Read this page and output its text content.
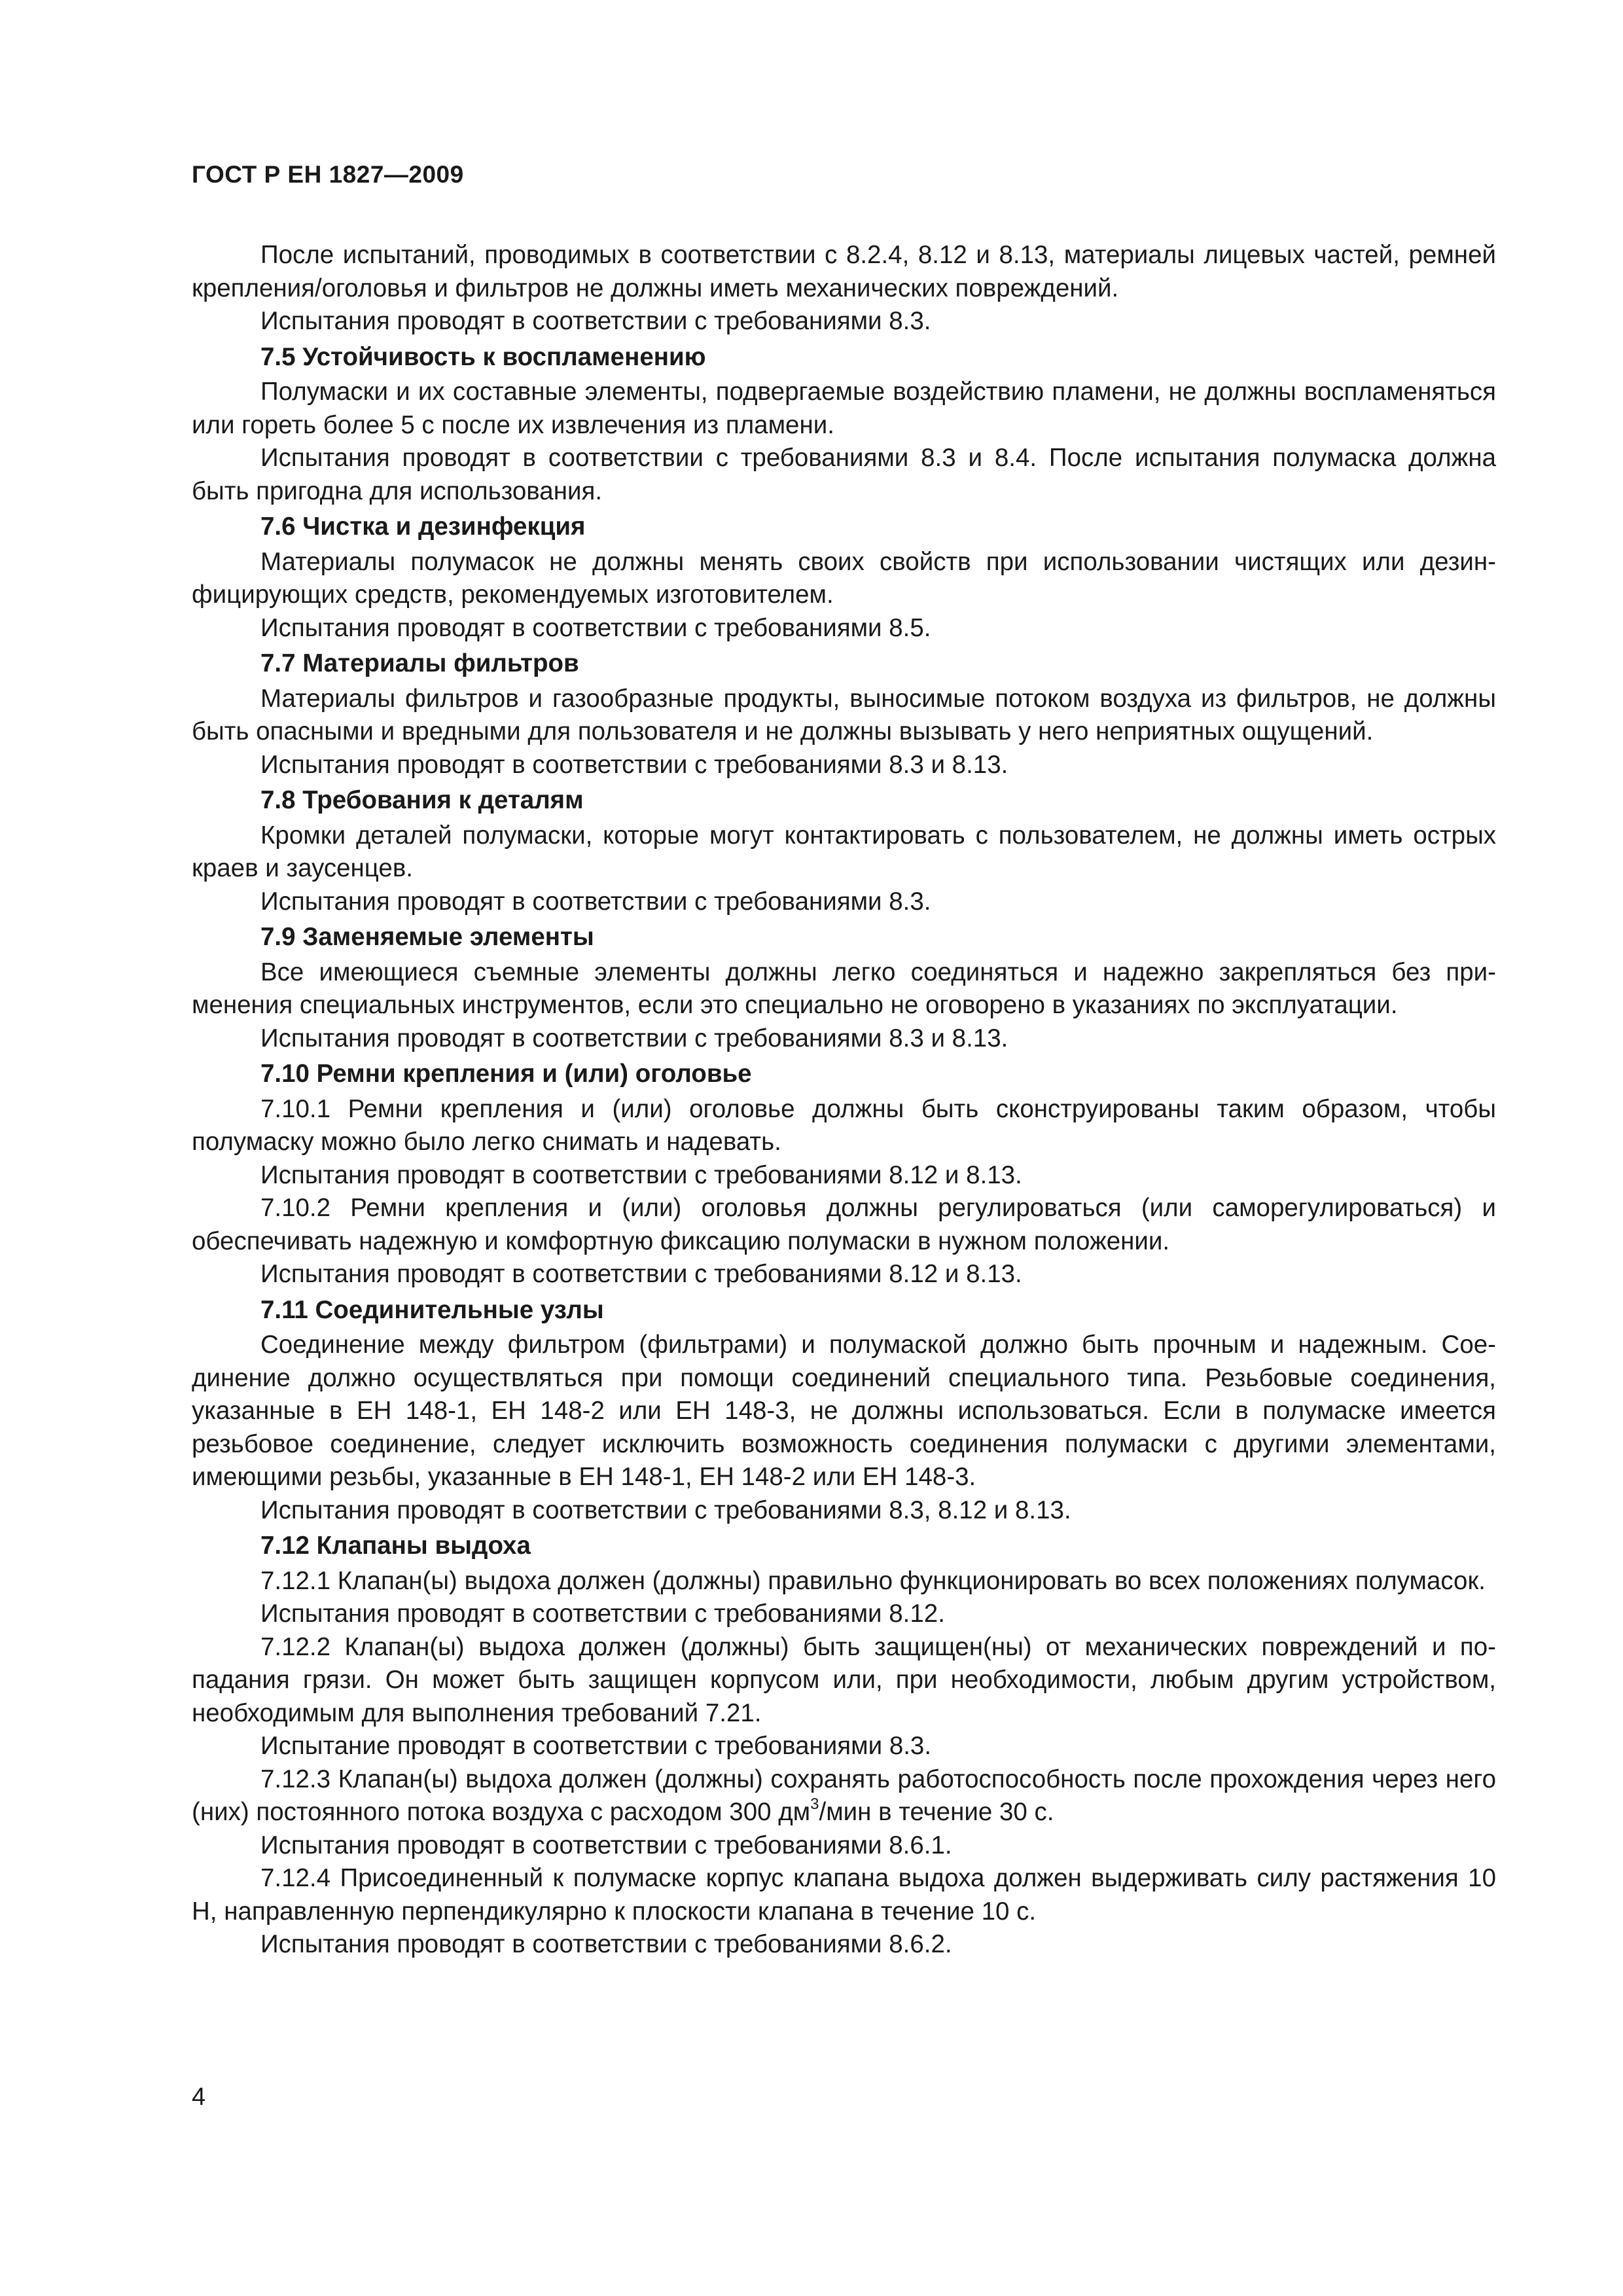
ГОСТ Р ЕН 1827—2009

После испытаний, проводимых в соответствии с 8.2.4, 8.12 и 8.13, материалы лицевых частей, ремней крепления/оголовья и фильтров не должны иметь механических повреждений.

Испытания проводят в соответствии с требованиями 8.3.

7.5 Устойчивость к воспламенению

Полумаски и их составные элементы, подвергаемые воздействию пламени, не должны воспламеняться или гореть более 5 с после их извлечения из пламени.

Испытания проводят в соответствии с требованиями 8.3 и 8.4. После испытания полумаска должна быть пригодна для использования.

7.6 Чистка и дезинфекция

Материалы полумасок не должны менять своих свойств при использовании чистящих или дезинфицирующих средств, рекомендуемых изготовителем.

Испытания проводят в соответствии с требованиями 8.5.

7.7 Материалы фильтров

Материалы фильтров и газообразные продукты, выносимые потоком воздуха из фильтров, не должны быть опасными и вредными для пользователя и не должны вызывать у него неприятных ощущений.

Испытания проводят в соответствии с требованиями 8.3 и 8.13.

7.8 Требования к деталям

Кромки деталей полумаски, которые могут контактировать с пользователем, не должны иметь острых краев и заусенцев.

Испытания проводят в соответствии с требованиями 8.3.

7.9 Заменяемые элементы

Все имеющиеся съемные элементы должны легко соединяться и надежно закрепляться без применения специальных инструментов, если это специально не оговорено в указаниях по эксплуатации.

Испытания проводят в соответствии с требованиями 8.3 и 8.13.

7.10 Ремни крепления и (или) оголовье

7.10.1 Ремни крепления и (или) оголовье должны быть сконструированы таким образом, чтобы полумаску можно было легко снимать и надевать.

Испытания проводят в соответствии с требованиями 8.12 и 8.13.

7.10.2 Ремни крепления и (или) оголовья должны регулироваться (или саморегулироваться) и обеспечивать надежную и комфортную фиксацию полумаски в нужном положении.

Испытания проводят в соответствии с требованиями 8.12 и 8.13.

7.11 Соединительные узлы

Соединение между фильтром (фильтрами) и полумаской должно быть прочным и надежным. Соединение должно осуществляться при помощи соединений специального типа. Резьбовые соединения, указанные в ЕН 148-1, ЕН 148-2 или ЕН 148-3, не должны использоваться. Если в полумаске имеется резьбовое соединение, следует исключить возможность соединения полумаски с другими элементами, имеющими резьбы, указанные в ЕН 148-1, ЕН 148-2 или ЕН 148-3.

Испытания проводят в соответствии с требованиями 8.3, 8.12 и 8.13.

7.12 Клапаны выдоха

7.12.1 Клапан(ы) выдоха должен (должны) правильно функционировать во всех положениях полумасок.

Испытания проводят в соответствии с требованиями 8.12.

7.12.2 Клапан(ы) выдоха должен (должны) быть защищен(ны) от механических повреждений и попадания грязи. Он может быть защищен корпусом или, при необходимости, любым другим устройством, необходимым для выполнения требований 7.21.

Испытание проводят в соответствии с требованиями 8.3.

7.12.3 Клапан(ы) выдоха должен (должны) сохранять работоспособность после прохождения через него (них) постоянного потока воздуха с расходом 300 $дм^3$/мин в течение 30 с.

Испытания проводят в соответствии с требованиями 8.6.1.

7.12.4 Присоединенный к полумаске корпус клапана выдоха должен выдерживать силу растяжения 10 Н, направленную перпендикулярно к плоскости клапана в течение 10 с.

Испытания проводят в соответствии с требованиями 8.6.2.

4
